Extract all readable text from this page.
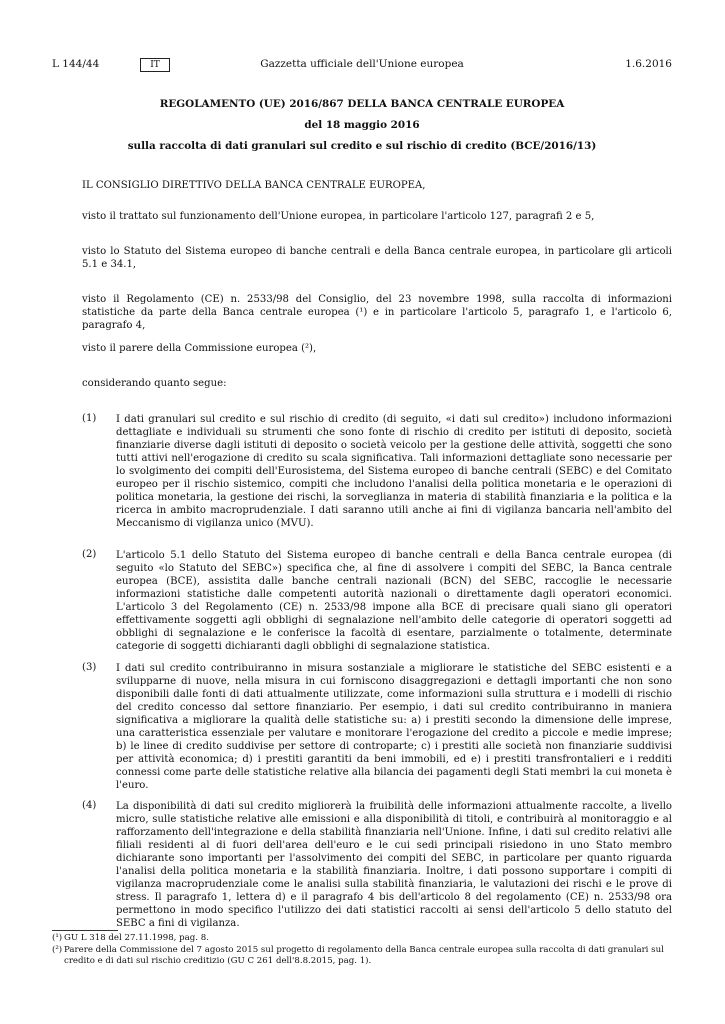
L 144/44	IT	Gazzetta ufficiale dell'Unione europea	1.6.2016
REGOLAMENTO (UE) 2016/867 DELLA BANCA CENTRALE EUROPEA
del 18 maggio 2016
sulla raccolta di dati granulari sul credito e sul rischio di credito (BCE/2016/13)
IL CONSIGLIO DIRETTIVO DELLA BANCA CENTRALE EUROPEA,
visto il trattato sul funzionamento dell'Unione europea, in particolare l'articolo 127, paragrafi 2 e 5,
visto lo Statuto del Sistema europeo di banche centrali e della Banca centrale europea, in particolare gli articoli 5.1 e 34.1,
visto il Regolamento (CE) n. 2533/98 del Consiglio, del 23 novembre 1998, sulla raccolta di informazioni statistiche da parte della Banca centrale europea (¹) e in particolare l'articolo 5, paragrafo 1, e l'articolo 6, paragrafo 4,
visto il parere della Commissione europea (²),
considerando quanto segue:
(1) I dati granulari sul credito e sul rischio di credito (di seguito, «i dati sul credito») includono informazioni dettagliate e individuali su strumenti che sono fonte di rischio di credito per istituti di deposito, società finanziarie diverse dagli istituti di deposito o società veicolo per la gestione delle attività, soggetti che sono tutti attivi nell'erogazione di credito su scala significativa. Tali informazioni dettagliate sono necessarie per lo svolgimento dei compiti dell'Eurosistema, del Sistema europeo di banche centrali (SEBC) e del Comitato europeo per il rischio sistemico, compiti che includono l'analisi della politica monetaria e le operazioni di politica monetaria, la gestione dei rischi, la sorveglianza in materia di stabilità finanziaria e la politica e la ricerca in ambito macroprudenziale. I dati saranno utili anche ai fini di vigilanza bancaria nell'ambito del Meccanismo di vigilanza unico (MVU).
(2) L'articolo 5.1 dello Statuto del Sistema europeo di banche centrali e della Banca centrale europea (di seguito «lo Statuto del SEBC») specifica che, al fine di assolvere i compiti del SEBC, la Banca centrale europea (BCE), assistita dalle banche centrali nazionali (BCN) del SEBC, raccoglie le necessarie informazioni statistiche dalle competenti autorità nazionali o direttamente dagli operatori economici. L'articolo 3 del Regolamento (CE) n. 2533/98 impone alla BCE di precisare quali siano gli operatori effettivamente soggetti agli obblighi di segnalazione nell'ambito delle categorie di operatori soggetti ad obblighi di segnalazione e le conferisce la facoltà di esentare, parzialmente o totalmente, determinate categorie di soggetti dichiaranti dagli obblighi di segnalazione statistica.
(3) I dati sul credito contribuiranno in misura sostanziale a migliorare le statistiche del SEBC esistenti e a svilupparne di nuove, nella misura in cui forniscono disaggregazioni e dettagli importanti che non sono disponibili dalle fonti di dati attualmente utilizzate, come informazioni sulla struttura e i modelli di rischio del credito concesso dal settore finanziario. Per esempio, i dati sul credito contribuiranno in maniera significativa a migliorare la qualità delle statistiche su: a) i prestiti secondo la dimensione delle imprese, una caratteristica essenziale per valutare e monitorare l'erogazione del credito a piccole e medie imprese; b) le linee di credito suddivise per settore di controparte; c) i prestiti alle società non finanziarie suddivisi per attività economica; d) i prestiti garantiti da beni immobili, ed e) i prestiti transfrontalieri e i redditi connessi come parte delle statistiche relative alla bilancia dei pagamenti degli Stati membri la cui moneta è l'euro.
(4) La disponibilità di dati sul credito migliorerà la fruibilità delle informazioni attualmente raccolte, a livello micro, sulle statistiche relative alle emissioni e alla disponibilità di titoli, e contribuirà al monitoraggio e al rafforzamento dell'integrazione e della stabilità finanziaria nell'Unione. Infine, i dati sul credito relativi alle filiali residenti al di fuori dell'area dell'euro e le cui sedi principali risiedono in uno Stato membro dichiarante sono importanti per l'assolvimento dei compiti del SEBC, in particolare per quanto riguarda l'analisi della politica monetaria e la stabilità finanziaria. Inoltre, i dati possono supportare i compiti di vigilanza macroprudenziale come le analisi sulla stabilità finanziaria, le valutazioni dei rischi e le prove di stress. Il paragrafo 1, lettera d) e il paragrafo 4 bis dell'articolo 8 del regolamento (CE) n. 2533/98 ora permettono in modo specifico l'utilizzo dei dati statistici raccolti ai sensi dell'articolo 5 dello statuto del SEBC a fini di vigilanza.
(¹) GU L 318 del 27.11.1998, pag. 8.
(²) Parere della Commissione del 7 agosto 2015 sul progetto di regolamento della Banca centrale europea sulla raccolta di dati granulari sul credito e di dati sul rischio creditizio (GU C 261 dell'8.8.2015, pag. 1).
